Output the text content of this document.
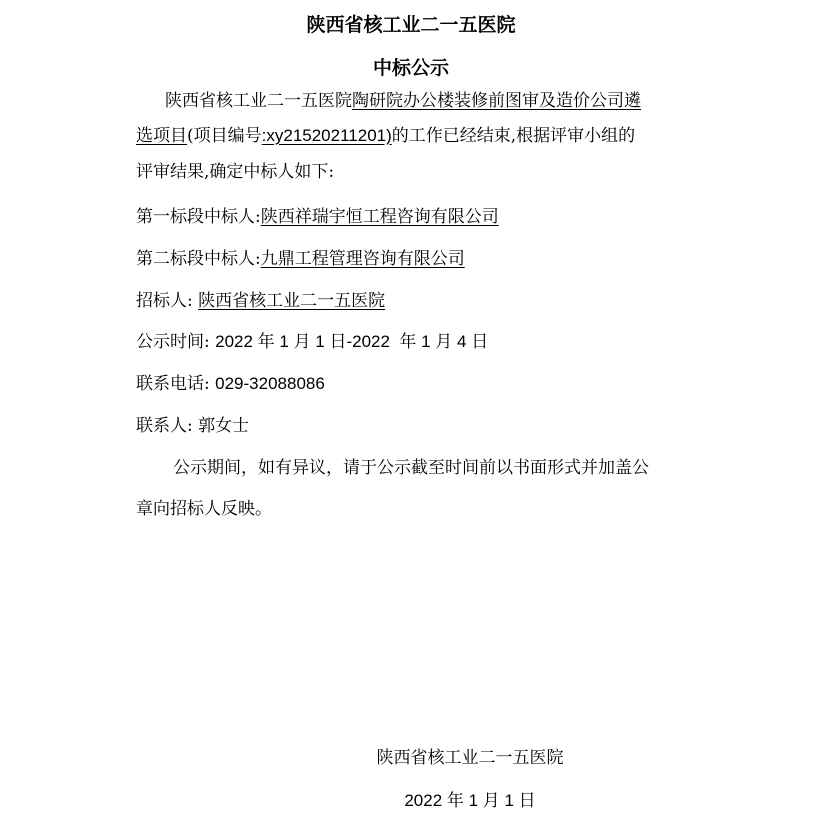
陕西省核工业二一五医院
中标公示
陕西省核工业二一五医院陶研院办公楼装修前图审及造价公司遴
选项目(项目编号:xy21520211201)的工作已经结束,根据评审小组的
评审结果,确定中标人如下:
第一标段中标人:陕西祥瑞宇恒工程咨询有限公司
第二标段中标人:九鼎工程管理咨询有限公司
招标人: 陕西省核工业二一五医院
公示时间: 2022 年 1 月 1 日-2022  年 1 月 4 日
联系电话: 029-32088086
联系人: 郭女士
公示期间，如有异议，请于公示截至时间前以书面形式并加盖公
章向招标人反映。
陕西省核工业二一五医院
2022 年 1 月 1 日
